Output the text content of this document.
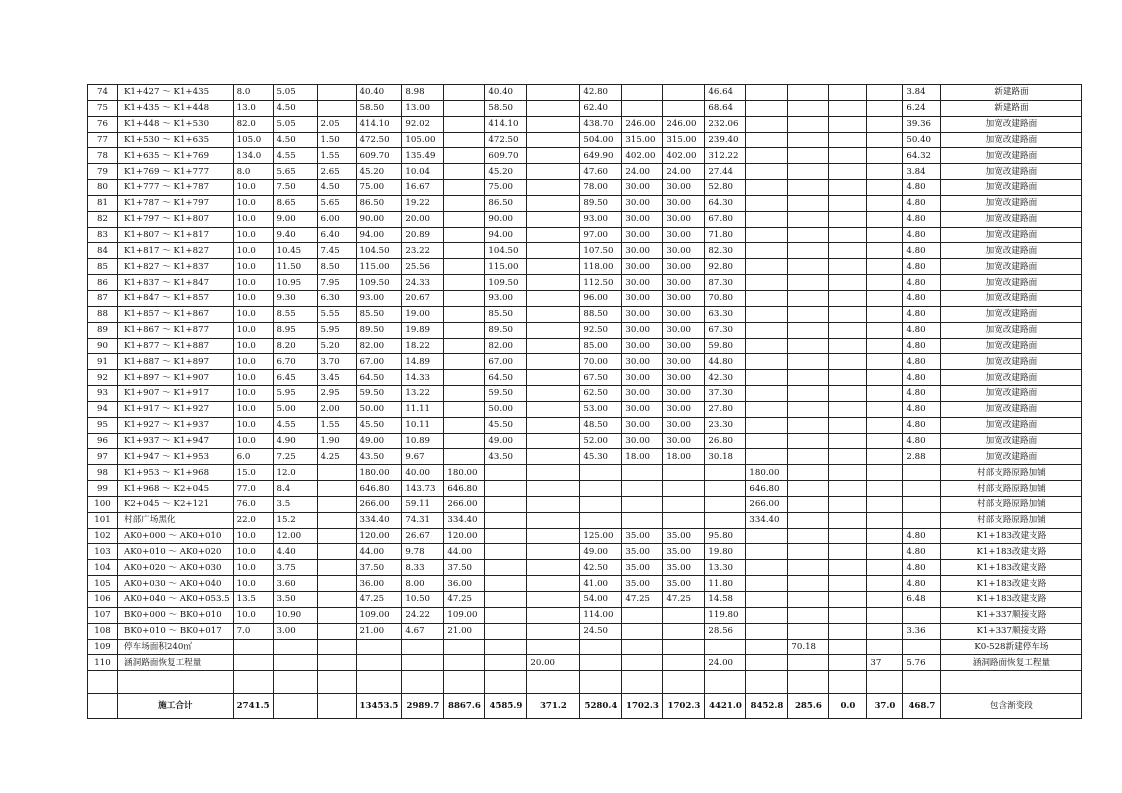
74	K1+427 ～ K1+435	8.0	5.05		40.40	8.98		40.40		42.80			46.64					3.84	新建路面
75	K1+435 ～ K1+448	13.0	4.50		58.50	13.00		58.50		62.40			68.64					6.24	新建路面
76	K1+448 ～ K1+530	82.0	5.05	2.05	414.10	92.02		414.10		438.70	246.00	246.00	232.06					39.36	加宽改建路面
77	K1+530 ～ K1+635	105.0	4.50	1.50	472.50	105.00		472.50		504.00	315.00	315.00	239.40					50.40	加宽改建路面
78	K1+635 ～ K1+769	134.0	4.55	1.55	609.70	135.49		609.70		649.90	402.00	402.00	312.22					64.32	加宽改建路面
79	K1+769 ～ K1+777	8.0	5.65	2.65	45.20	10.04		45.20		47.60	24.00	24.00	27.44					3.84	加宽改建路面
80	K1+777 ～ K1+787	10.0	7.50	4.50	75.00	16.67		75.00		78.00	30.00	30.00	52.80					4.80	加宽改建路面
81	K1+787 ～ K1+797	10.0	8.65	5.65	86.50	19.22		86.50		89.50	30.00	30.00	64.30					4.80	加宽改建路面
82	K1+797 ～ K1+807	10.0	9.00	6.00	90.00	20.00		90.00		93.00	30.00	30.00	67.80					4.80	加宽改建路面
83	K1+807 ～ K1+817	10.0	9.40	6.40	94.00	20.89		94.00		97.00	30.00	30.00	71.80					4.80	加宽改建路面
84	K1+817 ～ K1+827	10.0	10.45	7.45	104.50	23.22		104.50		107.50	30.00	30.00	82.30					4.80	加宽改建路面
85	K1+827 ～ K1+837	10.0	11.50	8.50	115.00	25.56		115.00		118.00	30.00	30.00	92.80					4.80	加宽改建路面
86	K1+837 ～ K1+847	10.0	10.95	7.95	109.50	24.33		109.50		112.50	30.00	30.00	87.30					4.80	加宽改建路面
87	K1+847 ～ K1+857	10.0	9.30	6.30	93.00	20.67		93.00		96.00	30.00	30.00	70.80					4.80	加宽改建路面
88	K1+857 ～ K1+867	10.0	8.55	5.55	85.50	19.00		85.50		88.50	30.00	30.00	63.30					4.80	加宽改建路面
89	K1+867 ～ K1+877	10.0	8.95	5.95	89.50	19.89		89.50		92.50	30.00	30.00	67.30					4.80	加宽改建路面
90	K1+877 ～ K1+887	10.0	8.20	5.20	82.00	18.22		82.00		85.00	30.00	30.00	59.80					4.80	加宽改建路面
91	K1+887 ～ K1+897	10.0	6.70	3.70	67.00	14.89		67.00		70.00	30.00	30.00	44.80					4.80	加宽改建路面
92	K1+897 ～ K1+907	10.0	6.45	3.45	64.50	14.33		64.50		67.50	30.00	30.00	42.30					4.80	加宽改建路面
93	K1+907 ～ K1+917	10.0	5.95	2.95	59.50	13.22		59.50		62.50	30.00	30.00	37.30					4.80	加宽改建路面
94	K1+917 ～ K1+927	10.0	5.00	2.00	50.00	11.11		50.00		53.00	30.00	30.00	27.80					4.80	加宽改建路面
95	K1+927 ～ K1+937	10.0	4.55	1.55	45.50	10.11		45.50		48.50	30.00	30.00	23.30					4.80	加宽改建路面
96	K1+937 ～ K1+947	10.0	4.90	1.90	49.00	10.89		49.00		52.00	30.00	30.00	26.80					4.80	加宽改建路面
97	K1+947 ～ K1+953	6.0	7.25	4.25	43.50	9.67		43.50		45.30	18.00	18.00	30.18					2.88	加宽改建路面
98	K1+953 ～ K1+968	15.0	12.0		180.00	40.00	180.00							180.00					村部支路原路加铺
99	K1+968 ～ K2+045	77.0	8.4		646.80	143.73	646.80							646.80					村部支路原路加铺
100	K2+045 ～ K2+121	76.0	3.5		266.00	59.11	266.00							266.00					村部支路原路加铺
101	村部广场黑化	22.0	15.2		334.40	74.31	334.40							334.40					村部支路原路加铺
102	AK0+000 ～ AK0+010	10.0	12.00		120.00	26.67	120.00			125.00	35.00	35.00	95.80					4.80	K1+183改建支路
103	AK0+010 ～ AK0+020	10.0	4.40		44.00	9.78	44.00			49.00	35.00	35.00	19.80					4.80	K1+183改建支路
104	AK0+020 ～ AK0+030	10.0	3.75		37.50	8.33	37.50			42.50	35.00	35.00	13.30					4.80	K1+183改建支路
105	AK0+030 ～ AK0+040	10.0	3.60		36.00	8.00	36.00			41.00	35.00	35.00	11.80					4.80	K1+183改建支路
106	AK0+040 ～ AK0+053.5	13.5	3.50		47.25	10.50	47.25			54.00	47.25	47.25	14.58					6.48	K1+183改建支路
107	BK0+000 ～ BK0+010	10.0	10.90		109.00	24.22	109.00			114.00			119.80						K1+337顺接支路
108	BK0+010 ～ BK0+017	7.0	3.00		21.00	4.67	21.00			24.50			28.56					3.36	K1+337顺接支路
109	停车场面积240㎡														70.18				K0-528新建停车场
110	涵洞路面恢复工程量								20.00				24.00				37	5.76	涵洞路面恢复工程量

	施工合计	2741.5			13453.5	2989.7	8867.6	4585.9	371.2	5280.4	1702.3	1702.3	4421.0	8452.8	285.6	0.0	37.0	468.7	包含渐变段
